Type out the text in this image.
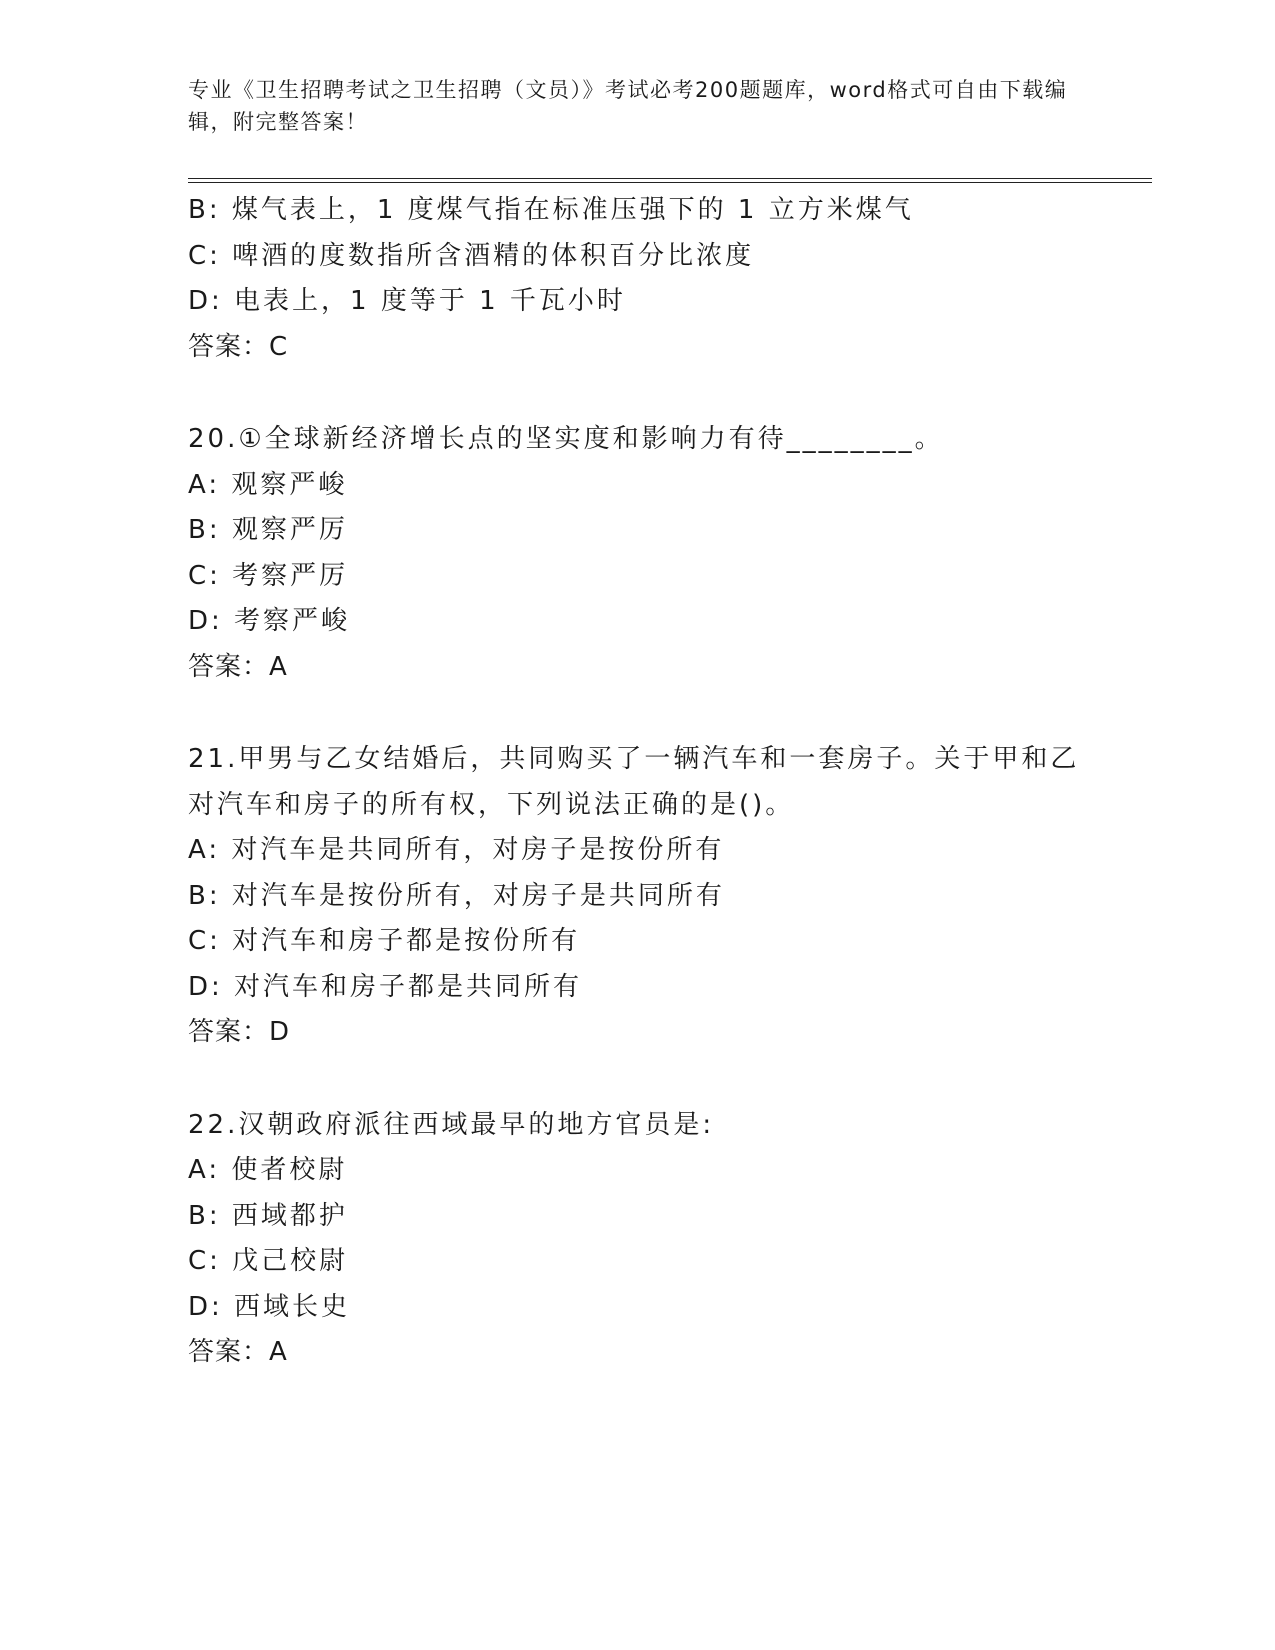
专业《卫生招聘考试之卫生招聘（文员）》考试必考200题题库，word格式可自由下载编辑，附完整答案！
B: 煤气表上，1 度煤气指在标准压强下的 1 立方米煤气
C: 啤酒的度数指所含酒精的体积百分比浓度
D: 电表上，1 度等于 1 千瓦小时
答案：C
20.①全球新经济增长点的坚实度和影响力有待________。
A: 观察严峻
B: 观察严厉
C: 考察严厉
D: 考察严峻
答案：A
21.甲男与乙女结婚后，共同购买了一辆汽车和一套房子。关于甲和乙对汽车和房子的所有权，下列说法正确的是()。
A: 对汽车是共同所有，对房子是按份所有
B: 对汽车是按份所有，对房子是共同所有
C: 对汽车和房子都是按份所有
D: 对汽车和房子都是共同所有
答案：D
22.汉朝政府派往西域最早的地方官员是:
A: 使者校尉
B: 西域都护
C: 戊己校尉
D: 西域长史
答案：A
